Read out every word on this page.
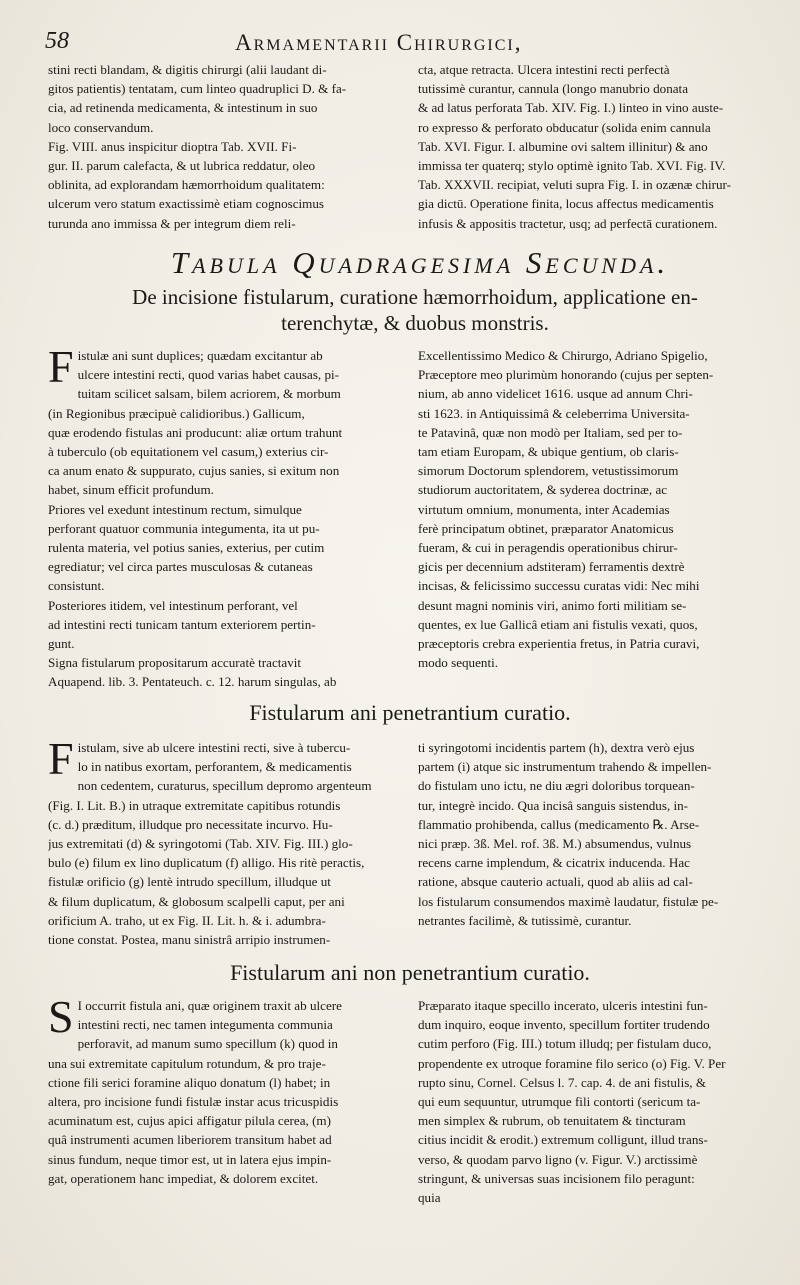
58	Armamentarii Chirurgici,
stini recti blandam, & digitis chirurgi (alii laudant di-
gitos patientis) tentatam, cum linteo quadruplici D. & fa-
cia, ad retinenda medicamenta, & intestinum in suo
loco conservandum.
Fig. VIII. anus inspicitur dioptra Tab. XVII. Fi-
gur. II. parum calefacta, & ut lubrica reddatur, oleo
oblinita, ad explorandam hæmorrhoidum qualitatem:
ulcerum vero statum exactissimè etiam cognoscimus
turunda ano immissa & per integrum diem reli-
cta, atque retracta. Ulcera intestini recti perfectà
tutissimè curantur, cannula (longo manubrio donata
& ad latus perforata Tab. XIV. Fig. I.) linteo in vino auste-
ro expresso & perforato obducatur (solida enim cannula
Tab. XVI. Figur. I. albumine ovi saltem illinitur) & ano
immissa ter quaterq; stylo optimè ignito Tab. XVI. Fig. IV.
Tab. XXXVII. recipiat, veluti supra Fig. I. in ozænæ chirur-
gia dictū. Operatione finita, locus affectus medicamentis
infusis & appositis tractetur, usq; ad perfectā curationem.
Tabula Quadragesima Secunda.
De incisione fistularum, curatione hæmorrhoidum, applicatione en-
terenchytæ, & duobus monstris.
F istulæ ani sunt duplices; quædam excitantur ab
ulcere intestini recti, quod varias habet causas, pi-
tuitam scilicet salsam, bilem acriorem, & morbum
(in Regionibus præcipuè calidioribus.) Gallicum,
quæ erodendo fistulas ani producunt: aliæ ortum trahunt
à tuberculo (ob equitationem vel casum,) exterius cir-
ca anum enato & suppurato, cujus sanies, si exitum non
habet, sinum efficit profundum.
Priores vel exedunt intestinum rectum, simulque
perforant quatuor communia integumenta, ita ut pu-
rulenta materia, vel potius sanies, exterius, per cutim
egrediatur; vel circa partes musculosas & cutaneas
consistunt.
Posteriores itidem, vel intestinum perforant, vel
ad intestini recti tunicam tantum exteriorem pertin-
gunt.
Signa fistularum propositarum accuratè tractavit
Aquapend. lib. 3. Pentateuch. c. 12. harum singulas, ab
Excellentissimo Medico & Chirurgo, Adriano Spigelio,
Præceptore meo plurimùm honorando (cujus per septen-
nium, ab anno videlicet 1616. usque ad annum Chri-
sti 1623. in Antiquissimâ & celeberrima Universita-
te Patavinâ, quæ non modò per Italiam, sed per to-
tam etiam Europam, & ubique gentium, ob claris-
simorum Doctorum splendorem, vetustissimorum
studiorum auctoritatem, & syderea doctrinæ, ac
virtutum omnium, monumenta, inter Academias
ferè principatum obtinet, præparator Anatomicus
fueram, & cui in peragendis operationibus chirur-
gicis per decennium adstiteram) ferramentis dextrè
incisas, & felicissimo successu curatas vidi: Nec mihi
desunt magni nominis viri, animo forti militiam se-
quentes, ex lue Gallicâ etiam ani fistulis vexati, quos,
præceptoris crebra experientia fretus, in Patria curavi,
modo sequenti.
Fistularum ani penetrantium curatio.
F istulam, sive ab ulcere intestini recti, sive à tubercu-
lo in natibus exortam, perforantem, & medicamentis
non cedentem, curaturus, specillum depromo argenteum
(Fig. I. Lit. B.) in utraque extremitate capitibus rotundis
(c. d.) præditum, illudque pro necessitate incurvo. Hu-
jus extremitati (d) & syringotomi (Tab. XIV. Fig. III.) glo-
bulo (e) filum ex lino duplicatum (f) alligo. His ritè peractis,
fistulæ orificio (g) lentè intrudo specillum, illudque ut
& filum duplicatum, & globosum scalpelli caput, per ani
orificium A. traho, ut ex Fig. II. Lit. h. & i. adumbra-
tione constat. Postea, manu sinistrâ arripio instrumen-
ti syringotomi incidentis partem (h), dextra verò ejus
partem (i) atque sic instrumentum trahendo & impellen-
do fistulam uno ictu, ne diu ægri doloribus torquean-
tur, integrè incido. Qua incisâ sanguis sistendus, in-
flammatio prohibenda, callus (medicamento ℞. Arse-
nici præp. 3ß. Mel. rof. 3ß. M.) absumendus, vulnus
recens carne implendum, & cicatrix inducenda. Hac
ratione, absque cauterio actuali, quod ab aliis ad cal-
los fistularum consumendos maximè laudatur, fistulæ pe-
netrantes facilimè, & tutissimè, curantur.
Fistularum ani non penetrantium curatio.
S I occurrit fistula ani, quæ originem traxit ab ulcere
intestini recti, nec tamen integumenta communia
perforavit, ad manum sumo specillum (k) quod in
una sui extremitate capitulum rotundum, & pro traje-
ctione fili serici foramine aliquo donatum (l) habet; in
altera, pro incisione fundi fistulæ instar acus tricuspidis
acuminatum est, cujus apici affigatur pilula cerea, (m)
quâ instrumenti acumen liberiorem transitum habet ad
sinus fundum, neque timor est, ut in latera ejus impin-
gat, operationem hanc impediat, & dolorem excitet.
Præparato itaque specillo incerato, ulceris intestini fun-
dum inquiro, eoque invento, specillum fortiter trudendo
cutim perforo (Fig. III.) totum illudq; per fistulam duco,
propendente ex utroque foramine filo serico (o) Fig. V. Per
rupto sinu, Cornel. Celsus l. 7. cap. 4. de ani fistulis, &
qui eum sequuntur, utrumque fili contorti (sericum ta-
men simplex & rubrum, ob tenuitatem & tincturam
citius incidit & erodit.) extremum colligunt, illud trans-
verso, & quodam parvo ligno (v. Figur. V.) arctissimè
stringunt, & universas suas incisionem filo peragunt:
quia
